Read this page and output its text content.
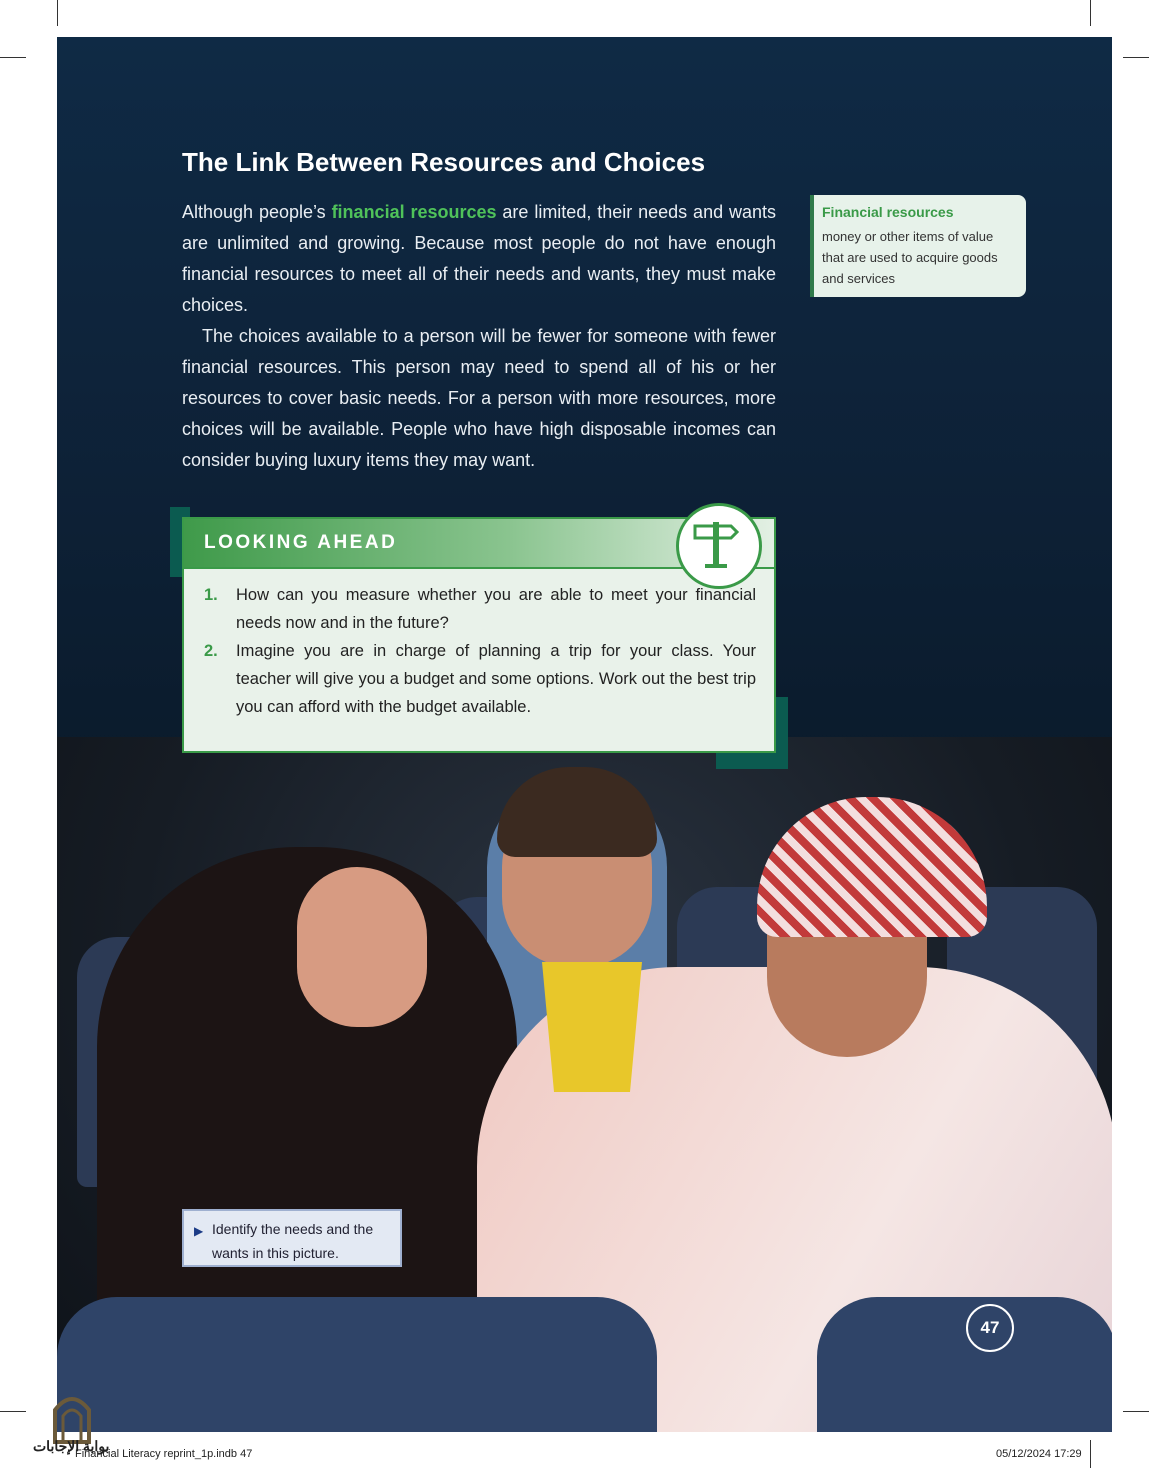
The Link Between Resources and Choices

Although people’s financial resources are limited, their needs and wants are unlimited and growing. Because most people do not have enough financial resources to meet all of their needs and wants, they must make choices.

The choices available to a person will be fewer for someone with fewer financial resources. This person may need to spend all of his or her resources to cover basic needs. For a person with more resources, more choices will be available. People who have high disposable incomes can consider buying luxury items they may want.

Financial resources
money or other items of value that are used to acquire goods and services
LOOKING AHEAD
1. How can you measure whether you are able to meet your financial needs now and in the future?
2. Imagine you are in charge of planning a trip for your class. Your teacher will give you a budget and some options. Work out the best trip you can afford with the budget available.
▶ Identify the needs and the wants in this picture.
47
بوابة الإجابات
Financial Literacy reprint_1p.indb 47	05/12/2024 17:29
